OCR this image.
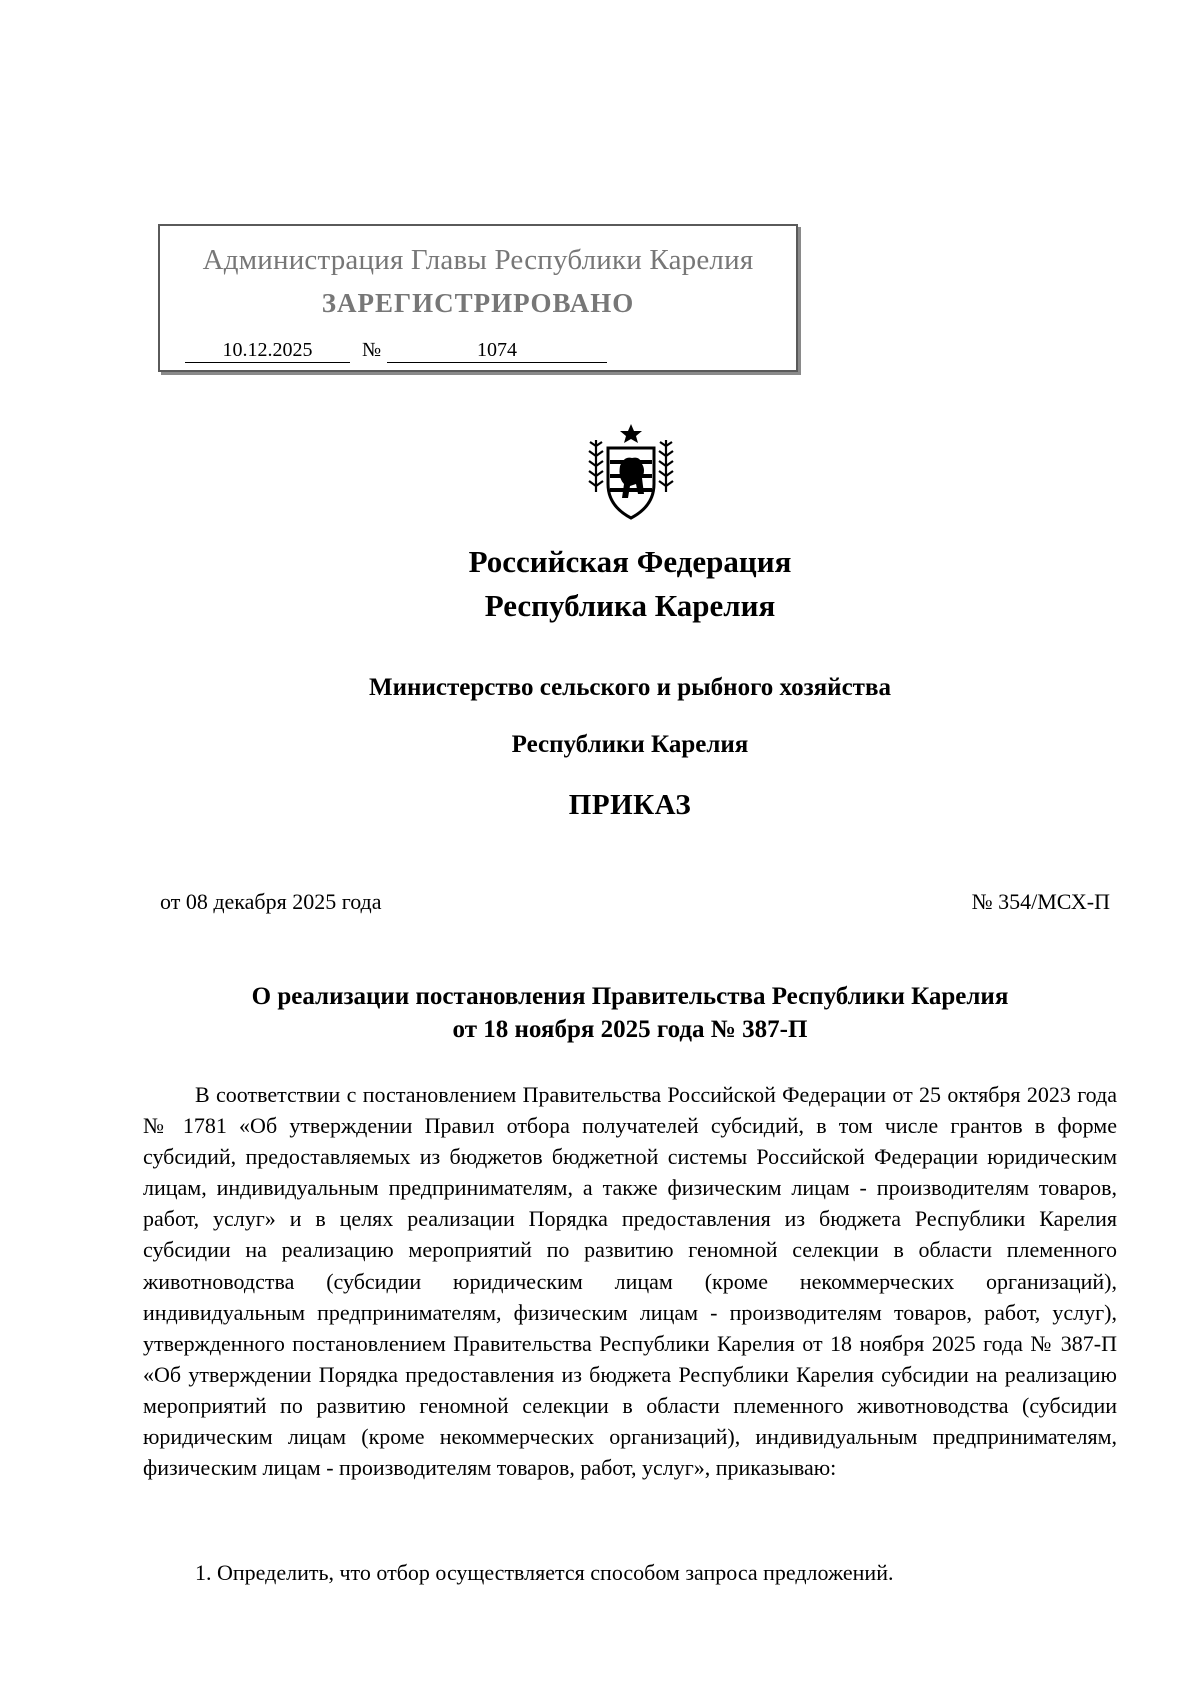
Администрация Главы Республики Карелия
ЗАРЕГИСТРИРОВАНО
10.12.2025	№	1074
Российская Федерация
Республика Карелия
Министерство сельского и рыбного хозяйства
Республики Карелия
ПРИКАЗ
от 08 декабря 2025 года	№ 354/МСХ-П
О реализации постановления Правительства Республики Карелия
от 18 ноября 2025 года № 387-П

В соответствии с постановлением Правительства Российской Федерации от 25 октября 2023 года № 1781 «Об утверждении Правил отбора получателей субсидий, в том числе грантов в форме субсидий, предоставляемых из бюджетов бюджетной системы Российской Федерации юридическим лицам, индивидуальным предпринимателям, а также физическим лицам - производителям товаров, работ, услуг» и в целях реализации Порядка предоставления из бюджета Республики Карелия субсидии на реализацию мероприятий по развитию геномной селекции в области племенного животноводства (субсидии юридическим лицам (кроме некоммерческих организаций), индивидуальным предпринимателям, физическим лицам - производителям товаров, работ, услуг), утвержденного постановлением Правительства Республики Карелия от 18 ноября 2025 года № 387-П «Об утверждении Порядка предоставления из бюджета Республики Карелия субсидии на реализацию мероприятий по развитию геномной селекции в области племенного животноводства (субсидии юридическим лицам (кроме некоммерческих организаций), индивидуальным предпринимателям, физическим лицам - производителям товаров, работ, услуг», приказываю:

1. Определить, что отбор осуществляется способом запроса предложений.
